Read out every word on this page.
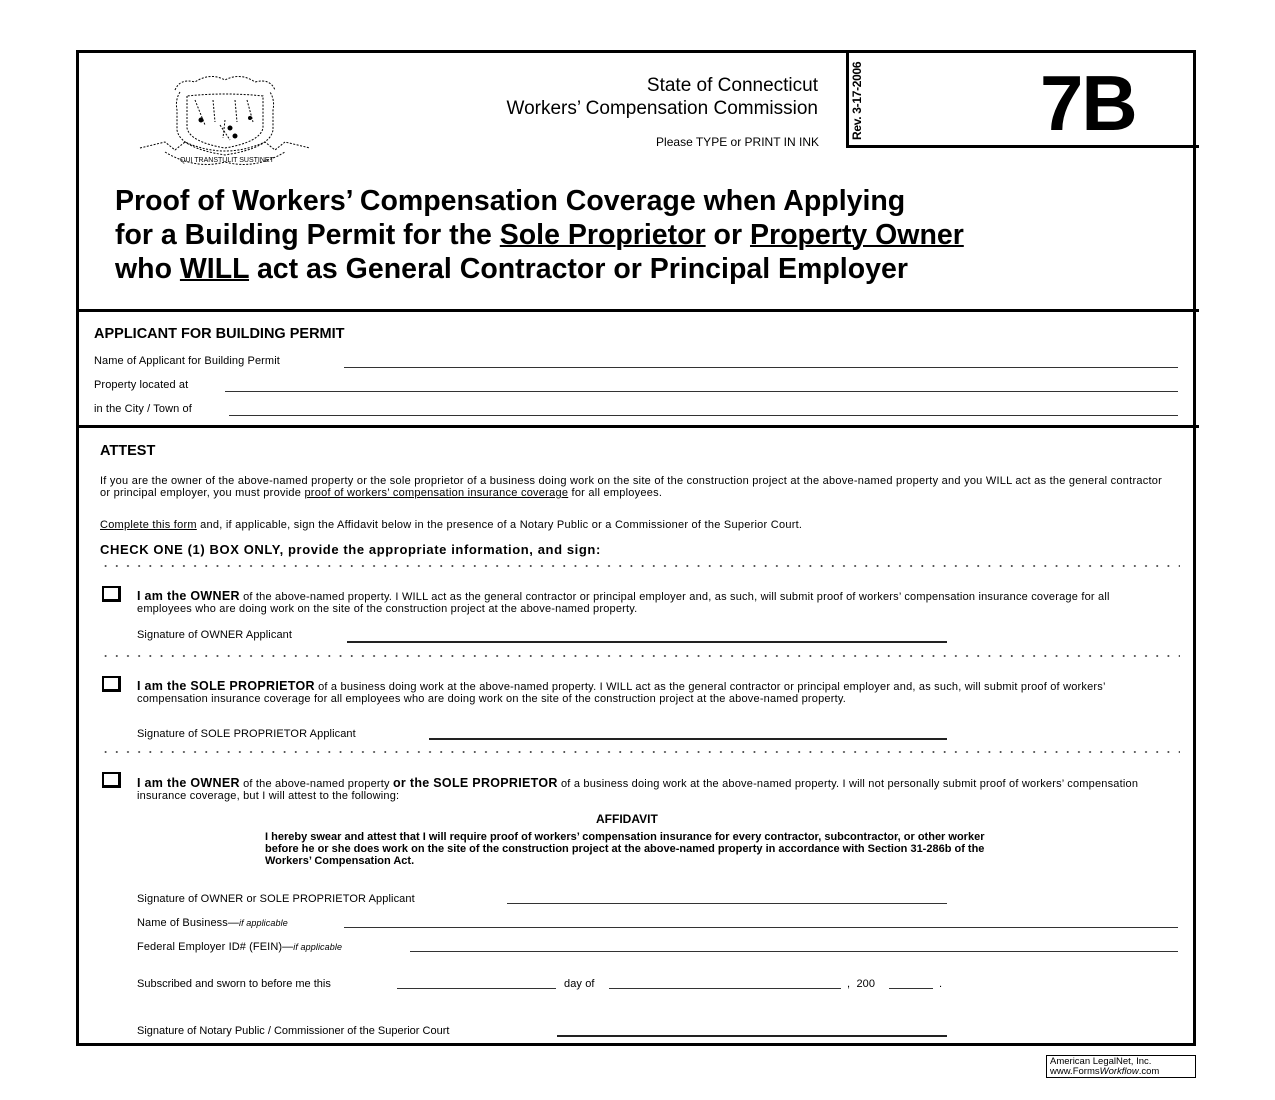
QUI TRANSTULIT SUSTINET
State of Connecticut
Workers’ Compensation Commission
Please TYPE or PRINT IN INK
Rev. 3-17-2006 7B
Proof of Workers’ Compensation Coverage when Applying
for a Building Permit for the Sole Proprietor or Property Owner
who WILL act as General Contractor or Principal Employer
APPLICANT FOR BUILDING PERMIT
Name of Applicant for Building Permit
Property located at
in the City / Town of
ATTEST
If you are the owner of the above-named property or the sole proprietor of a business doing work on the site of the construction project at the above-named property and you WILL act as the general contractor or principal employer, you must provide proof of workers’ compensation insurance coverage for all employees.
Complete this form and, if applicable, sign the Affidavit below in the presence of a Notary Public or a Commissioner of the Superior Court.
CHECK ONE (1) BOX ONLY, provide the appropriate information, and sign:
I am the OWNER of the above-named property. I WILL act as the general contractor or principal employer and, as such, will submit proof of workers’ compensation insurance coverage for all employees who are doing work on the site of the construction project at the above-named property.
Signature of OWNER Applicant
I am the SOLE PROPRIETOR of a business doing work at the above-named property. I WILL act as the general contractor or principal employer and, as such, will submit proof of workers’ compensation insurance coverage for all employees who are doing work on the site of the construction project at the above-named property.
Signature of SOLE PROPRIETOR Applicant
I am the OWNER of the above-named property or the SOLE PROPRIETOR of a business doing work at the above-named property. I will not personally submit proof of workers’ compensation insurance coverage, but I will attest to the following:
AFFIDAVIT
I hereby swear and attest that I will require proof of workers’ compensation insurance for every contractor, subcontractor, or other worker before he or she does work on the site of the construction project at the above-named property in accordance with Section 31-286b of the Workers’ Compensation Act.
Signature of OWNER or SOLE PROPRIETOR Applicant
Name of Business—if applicable
Federal Employer ID# (FEIN)—if applicable
Subscribed and sworn to before me this	day of	,  200	.
Signature of Notary Public / Commissioner of the Superior Court
American LegalNet, Inc.
www.FormsWorkflow.com
